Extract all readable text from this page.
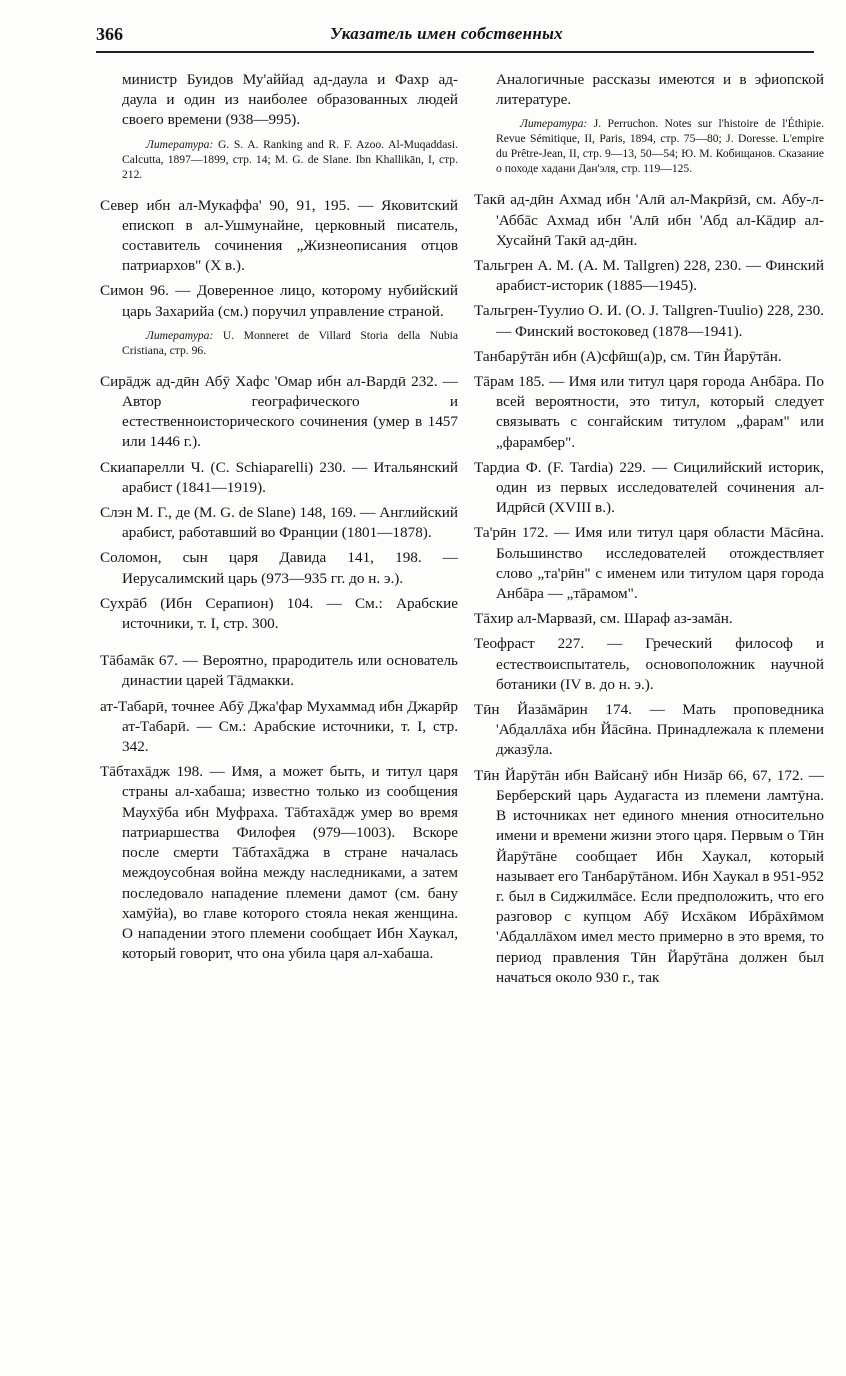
366	Указатель имен собственных

министр Буидов Му'аййад ад-даула и Фахр ад-даула и один из наиболее образованных людей своего времени (938—995).

Литература: G. S. A. Ranking and R. F. Azoo. Al-Muqaddasi. Calcutta, 1897—1899, стр. 14; M. G. de Slane. Ibn Khallikān, I, стр. 212.

Север ибн ал-Мукаффа' 90, 91, 195. — Яковитский епископ в ал-Ушмунайне, церковный писатель, составитель сочинения „Жизнеописания отцов патриархов" (X в.).

Симон 96. — Доверенное лицо, которому нубийский царь Захарийа (см.) поручил управление страной.

Литература: U. Monneret de Villard Storia della Nubia Cristiana, стр. 96.

Сирāдж ад-дӣн Абӯ Хафс 'Омар ибн ал-Вардӣ 232. — Автор географического и естественноисторического сочинения (умер в 1457 или 1446 г.).

Скиапарелли Ч. (C. Schiaparelli) 230. — Итальянский арабист (1841—1919).

Слэн М. Г., де (M. G. de Slane) 148, 169. — Английский арабист, работавший во Франции (1801—1878).

Соломон, сын царя Давида 141, 198. — Иерусалимский царь (973—935 гг. до н. э.).

Сухрāб (Ибн Серапион) 104. — См.: Арабские источники, т. I, стр. 300.

Тāбамāк 67. — Вероятно, прародитель или основатель династии царей Тāдмакки.

ат-Табарӣ, точнее Абӯ Джа'фар Мухаммад ибн Джарӣр ат-Табарӣ. — См.: Арабские источники, т. I, стр. 342.

Тāбтахāдж 198. — Имя, а может быть, и титул царя страны ал-хабаша; известно только из сообщения Маухӯба ибн Муфраха. Тāбтахāдж умер во время патриаршества Филофея (979—1003). Вскоре после смерти Тāбтахāджа в стране началась междоусобная война между наследниками, а затем последовало нападение племени дамот (см. бану хамӯйа), во главе которого стояла некая женщина. О нападении этого племени сообщает Ибн Хаукал, который говорит, что она убила царя ал-хабаша.

Аналогичные рассказы имеются и в эфиопской литературе.

Литература: J. Perruchon. Notes sur l'histoire de l'Éthipie. Revue Sémitique, II, Paris, 1894, стр. 75—80; J. Doresse. L'empire du Prêtre-Jean, II, стр. 9—13, 50—54; Ю. М. Кобищанов. Сказание о походе хадани Дан'эля, стр. 119—125.

Такӣ ад-дӣн Ахмад ибн 'Алӣ ал-Макрӣзӣ, см. Абу-л-'Аббāс Ахмад ибн 'Алӣ ибн 'Абд ал-Кāдир ал-Хусайнӣ Такӣ ад-дӣн.

Тальгрен А. М. (A. M. Tallgren) 228, 230. — Финский арабист-историк (1885—1945).

Тальгрен-Туулио О. И. (O. J. Tallgren-Tuulio) 228, 230. — Финский востоковед (1878—1941).

Танбарӯтāн ибн (А)сфӣш(а)р, см. Тӣн Йарӯтāн.

Тāрам 185. — Имя или титул царя города Анбāра. По всей вероятности, это титул, который следует связывать с сонгайским титулом „фарам" или „фарамбер".

Тардиа Ф. (F. Tardia) 229. — Сицилийский историк, один из первых исследователей сочинения ал-Идрӣсӣ (XVIII в.).

Та'рӣн 172. — Имя или титул царя области Мāсӣна. Большинство исследователей отождествляет слово „та'рӣн" с именем или титулом царя города Анбāра — „тāрамом".

Тāхир ал-Марвазӣ, см. Шараф аз-замāн.

Теофраст 227. — Греческий философ и естествоиспытатель, основоположник научной ботаники (IV в. до н. э.).

Тӣн Йазāмāрин 174. — Мать проповедника 'Абдаллāха ибн Йāсӣна. Принадлежала к племени джазӯла.

Тӣн Йарӯтāн ибн Вайсанӯ ибн Низāр 66, 67, 172. — Берберский царь Аудагаста из племени ламтӯна. В источниках нет единого мнения относительно имени и времени жизни этого царя. Первым о Тӣн Йарӯтāне сообщает Ибн Хаукал, который называет его Танбарӯтāном. Ибн Хаукал в 951-952 г. был в Сиджилмāсе. Если предположить, что его разговор с купцом Абӯ Исхāком Ибрāхӣмом 'Абдаллāхом имел место примерно в это время, то период правления Тӣн Йарӯтāна должен был начаться около 930 г., так
